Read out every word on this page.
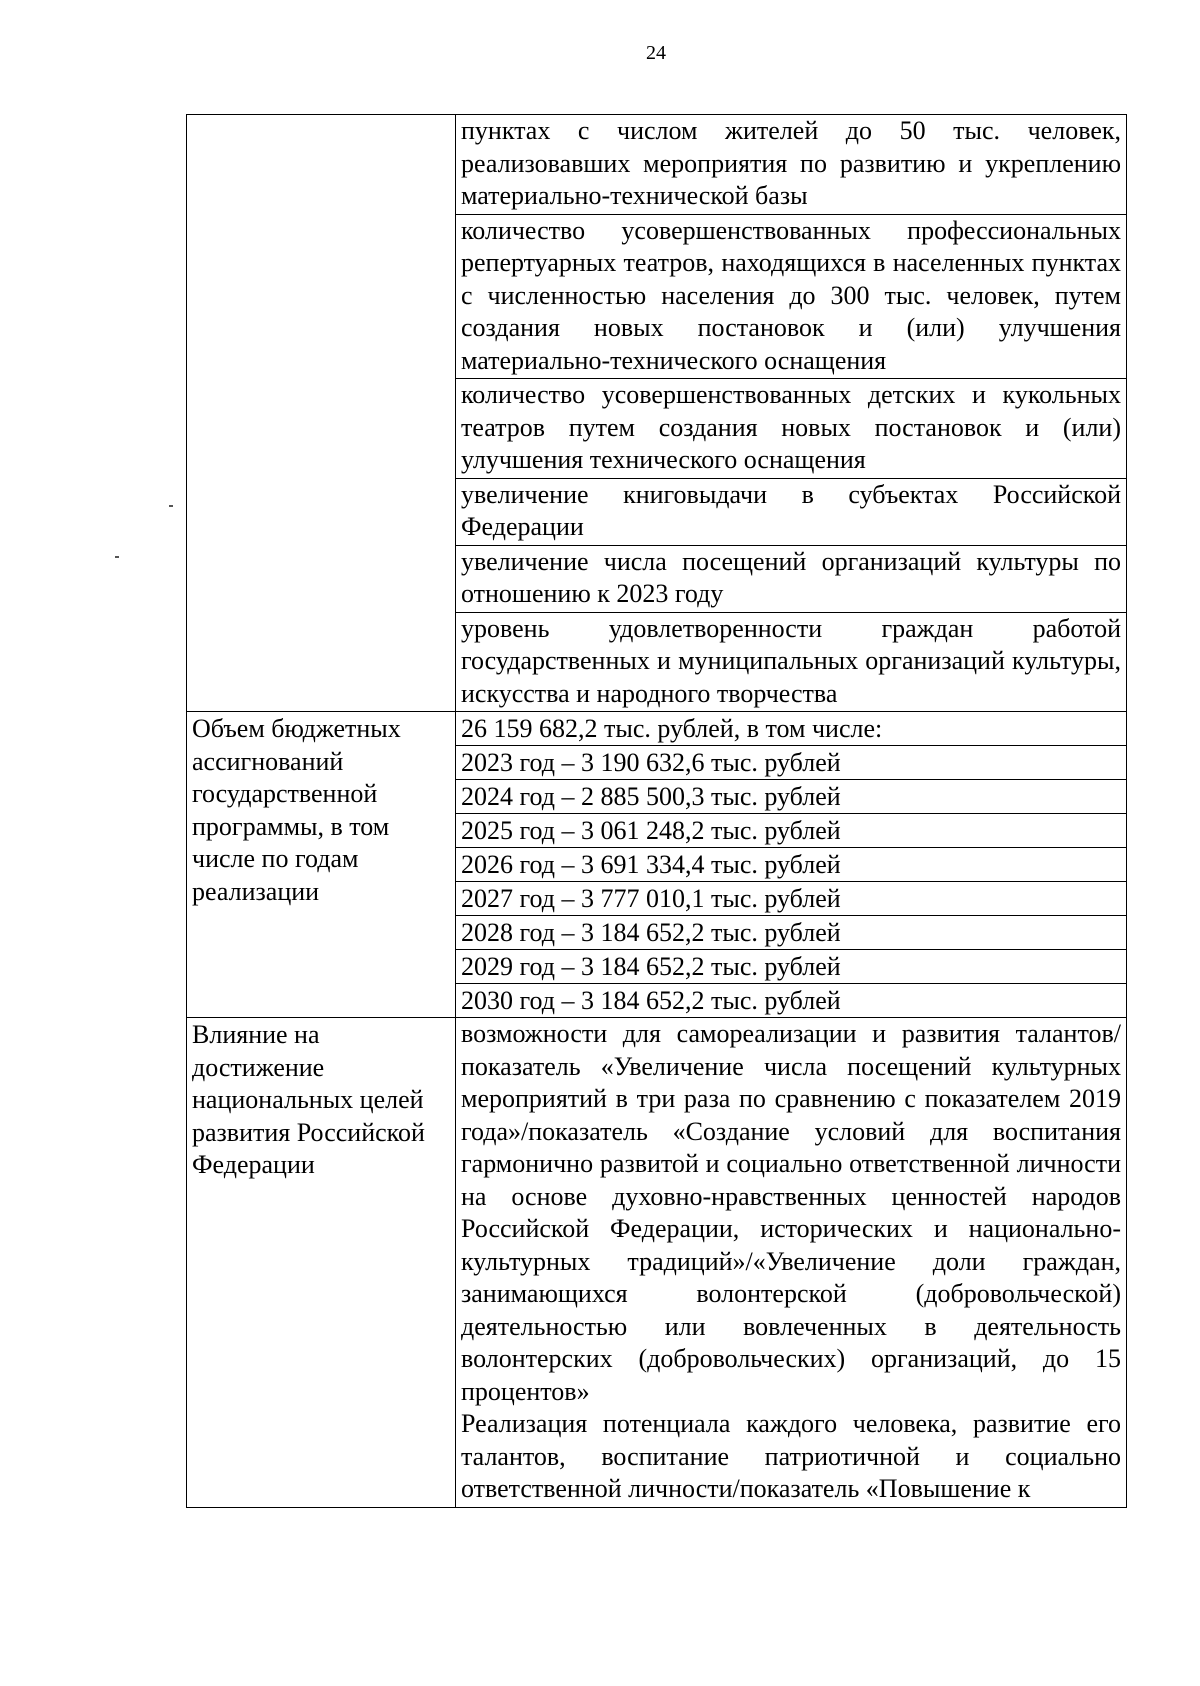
24
	пунктах с числом жителей до 50 тыс. человек, реализовавших мероприятия по развитию и укреплению материально-технической базы
	количество усовершенствованных профессиональных репертуарных театров, находящихся в населенных пунктах с численностью населения до 300 тыс. человек, путем создания новых постановок и (или) улучшения материально-технического оснащения
	количество усовершенствованных детских и кукольных театров путем создания новых постановок и (или) улучшения технического оснащения
	увеличение книговыдачи в субъектах Российской Федерации
	увеличение числа посещений организаций культуры по отношению к 2023 году
	уровень удовлетворенности граждан работой государственных и муниципальных организаций культуры, искусства и народного творчества
Объем бюджетных ассигнований государственной программы, в том числе по годам реализации	26 159 682,2 тыс. рублей, в том числе:
	2023 год – 3 190 632,6 тыс. рублей
	2024 год – 2 885 500,3 тыс. рублей
	2025 год – 3 061 248,2 тыс. рублей
	2026 год – 3 691 334,4 тыс. рублей
	2027 год – 3 777 010,1 тыс. рублей
	2028 год – 3 184 652,2 тыс. рублей
	2029 год – 3 184 652,2 тыс. рублей
	2030 год – 3 184 652,2 тыс. рублей
Влияние на достижение национальных целей развития Российской Федерации	возможности для самореализации и развития талантов/ показатель «Увеличение числа посещений культурных мероприятий в три раза по сравнению с показателем 2019 года»/показатель «Создание условий для воспитания гармонично развитой и социально ответственной личности на основе духовно-нравственных ценностей народов Российской Федерации, исторических и национально-культурных традиций»/«Увеличение доли граждан, занимающихся волонтерской (добровольческой) деятельностью или вовлеченных в деятельность волонтерских (добровольческих) организаций, до 15 процентов»
Реализация потенциала каждого человека, развитие его талантов, воспитание патриотичной и социально ответственной личности/показатель «Повышение к
